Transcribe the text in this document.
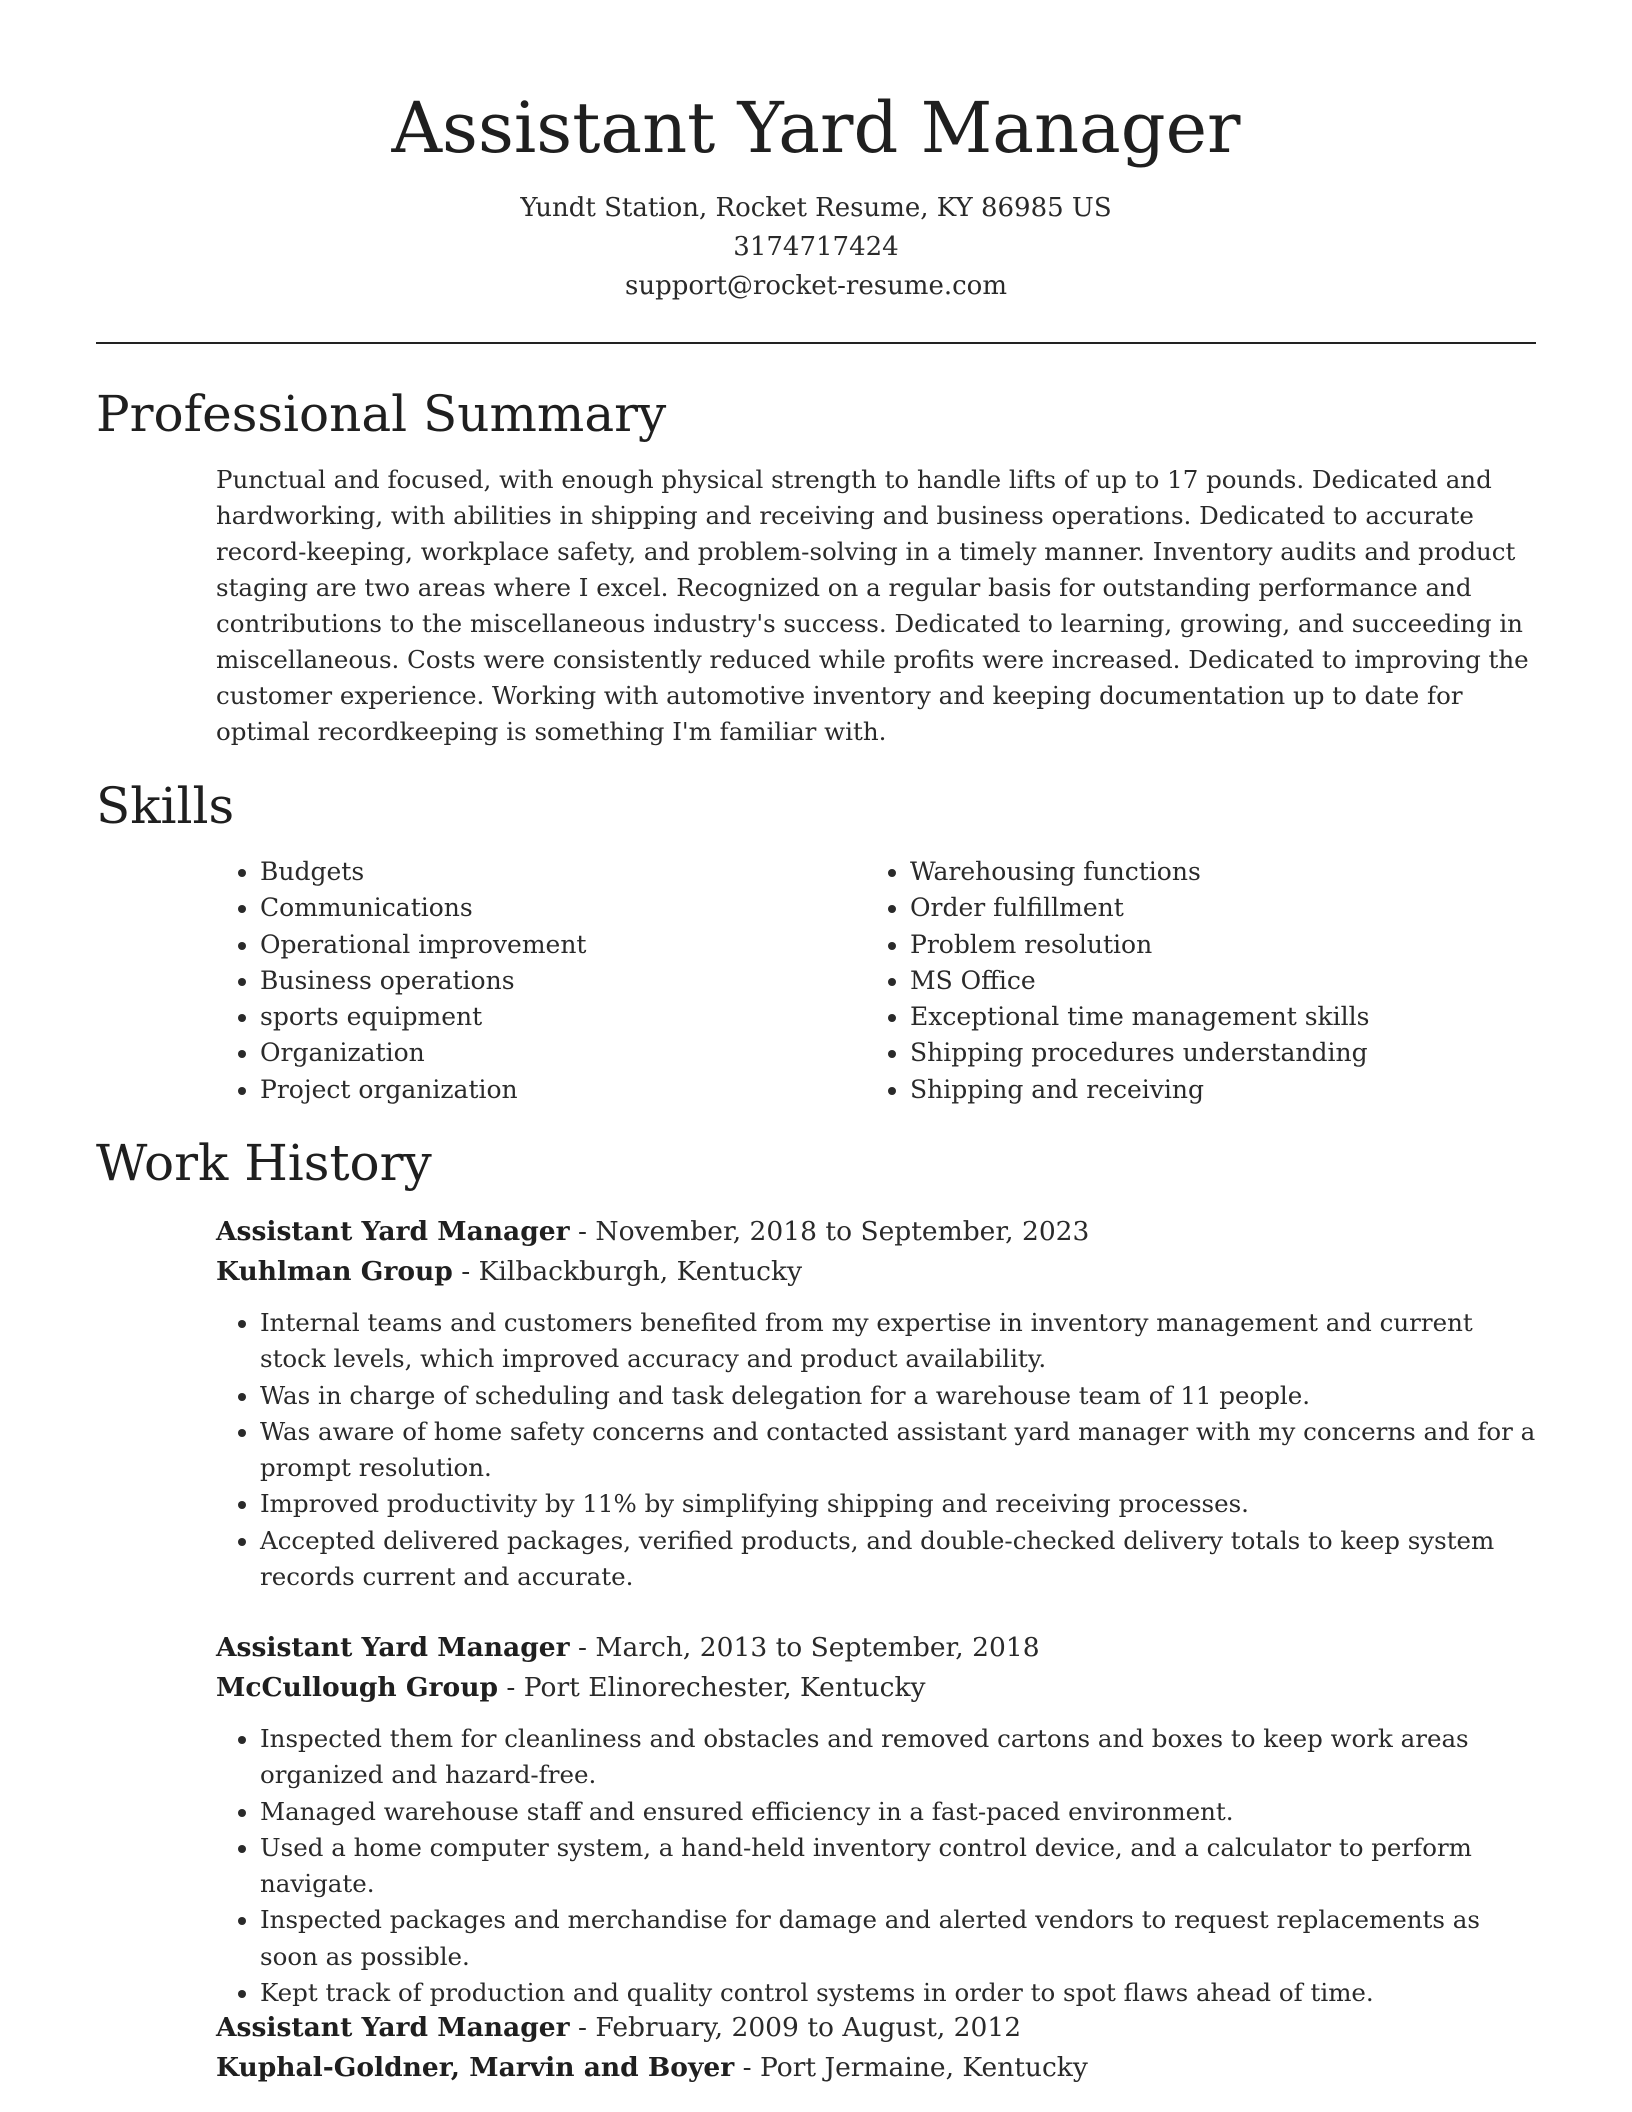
Assistant Yard Manager
Yundt Station, Rocket Resume, KY 86985 US
3174717424
support@rocket-resume.com
Professional Summary

Punctual and focused, with enough physical strength to handle lifts of up to 17 pounds. Dedicated and hardworking, with abilities in shipping and receiving and business operations. Dedicated to accurate record-keeping, workplace safety, and problem-solving in a timely manner. Inventory audits and product staging are two areas where I excel. Recognized on a regular basis for outstanding performance and contributions to the miscellaneous industry's success. Dedicated to learning, growing, and succeeding in miscellaneous. Costs were consistently reduced while profits were increased. Dedicated to improving the customer experience. Working with automotive inventory and keeping documentation up to date for optimal recordkeeping is something I'm familiar with.

Skills
• Budgets
• Communications
• Operational improvement
• Business operations
• sports equipment
• Organization
• Project organization
• Warehousing functions
• Order fulfillment
• Problem resolution
• MS Office
• Exceptional time management skills
• Shipping procedures understanding
• Shipping and receiving
Work History
Assistant Yard Manager - November, 2018 to September, 2023
Kuhlman Group - Kilbackburgh, Kentucky
• Internal teams and customers benefited from my expertise in inventory management and current stock levels, which improved accuracy and product availability.
• Was in charge of scheduling and task delegation for a warehouse team of 11 people.
• Was aware of home safety concerns and contacted assistant yard manager with my concerns and for a prompt resolution.
• Improved productivity by 11% by simplifying shipping and receiving processes.
• Accepted delivered packages, verified products, and double-checked delivery totals to keep system records current and accurate.
Assistant Yard Manager - March, 2013 to September, 2018
McCullough Group - Port Elinorechester, Kentucky
• Inspected them for cleanliness and obstacles and removed cartons and boxes to keep work areas organized and hazard-free.
• Managed warehouse staff and ensured efficiency in a fast-paced environment.
• Used a home computer system, a hand-held inventory control device, and a calculator to perform navigate.
• Inspected packages and merchandise for damage and alerted vendors to request replacements as soon as possible.
• Kept track of production and quality control systems in order to spot flaws ahead of time.
Assistant Yard Manager - February, 2009 to August, 2012
Kuphal-Goldner, Marvin and Boyer - Port Jermaine, Kentucky
